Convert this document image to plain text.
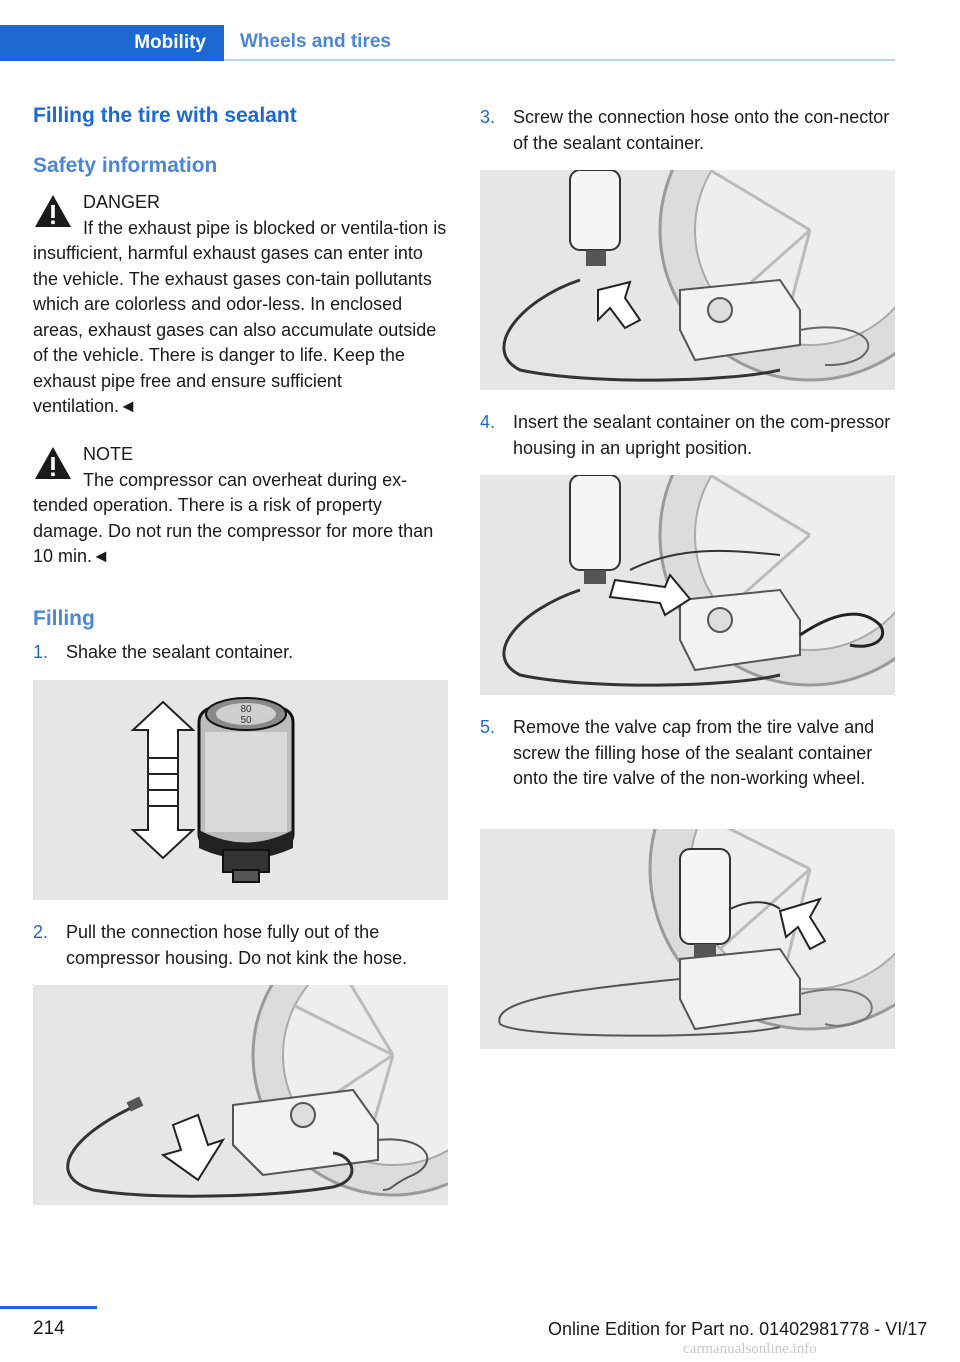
Mobility	Wheels and tires
Filling the tire with sealant
Safety information
DANGER
If the exhaust pipe is blocked or ventila-tion is insufficient, harmful exhaust gases can enter into the vehicle. The exhaust gases con-tain pollutants which are colorless and odor-less. In enclosed areas, exhaust gases can also accumulate outside of the vehicle. There is danger to life. Keep the exhaust pipe free and ensure sufficient ventilation.◄
NOTE
The compressor can overheat during ex-tended operation. There is a risk of property damage. Do not run the compressor for more than 10 min.◄
Filling
1. Shake the sealant container.
80
50
2. Pull the connection hose fully out of the compressor housing. Do not kink the hose.
3. Screw the connection hose onto the con-nector of the sealant container.
4. Insert the sealant container on the com-pressor housing in an upright position.
5. Remove the valve cap from the tire valve and screw the filling hose of the sealant container onto the tire valve of the non-working wheel.
214	Online Edition for Part no. 01402981778 - VI/17
carmanualsonline.info
